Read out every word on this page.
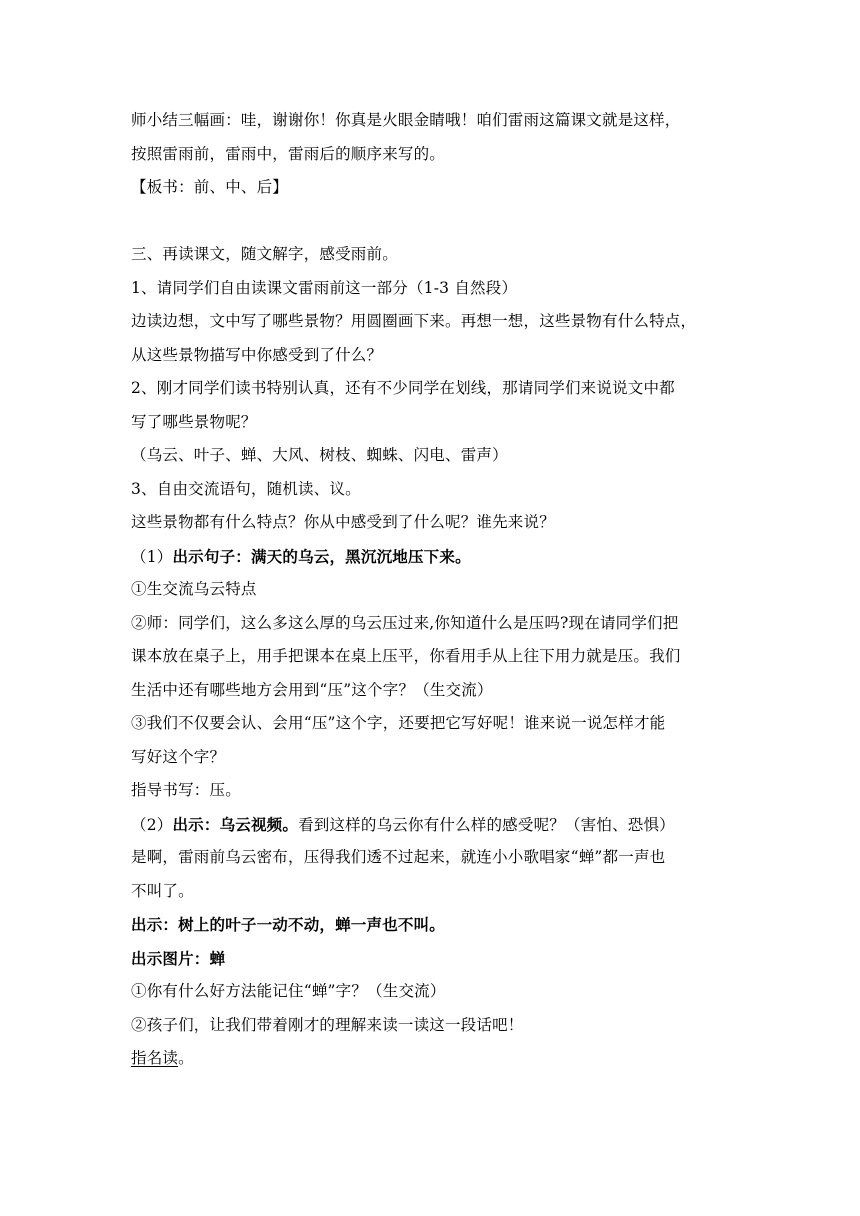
师小结三幅画：哇，谢谢你！你真是火眼金睛哦！咱们雷雨这篇课文就是这样，
按照雷雨前，雷雨中，雷雨后的顺序来写的。
【板书：前、中、后】
三、再读课文，随文解字，感受雨前。
1、请同学们自由读课文雷雨前这一部分（1-3 自然段）
边读边想，文中写了哪些景物？用圆圈画下来。再想一想，这些景物有什么特点，
从这些景物描写中你感受到了什么？
2、刚才同学们读书特别认真，还有不少同学在划线，那请同学们来说说文中都
写了哪些景物呢？
（乌云、叶子、蝉、大风、树枝、蜘蛛、闪电、雷声）
3、自由交流语句，随机读、议。
这些景物都有什么特点？你从中感受到了什么呢？谁先来说？
（1）出示句子：满天的乌云，黑沉沉地压下来。
①生交流乌云特点
②师：同学们，这么多这么厚的乌云压过来,你知道什么是压吗?现在请同学们把
课本放在桌子上，用手把课本在桌上压平，你看用手从上往下用力就是压。我们
生活中还有哪些地方会用到“压”这个字？（生交流）
③我们不仅要会认、会用“压”这个字，还要把它写好呢！谁来说一说怎样才能
写好这个字？
指导书写：压。
（2）出示：乌云视频。看到这样的乌云你有什么样的感受呢？（害怕、恐惧）
是啊，雷雨前乌云密布，压得我们透不过起来，就连小小歌唱家“蝉”都一声也
不叫了。
出示：树上的叶子一动不动，蝉一声也不叫。
出示图片：蝉
①你有什么好方法能记住“蝉”字？（生交流）
②孩子们，让我们带着刚才的理解来读一读这一段话吧！
指名读。
